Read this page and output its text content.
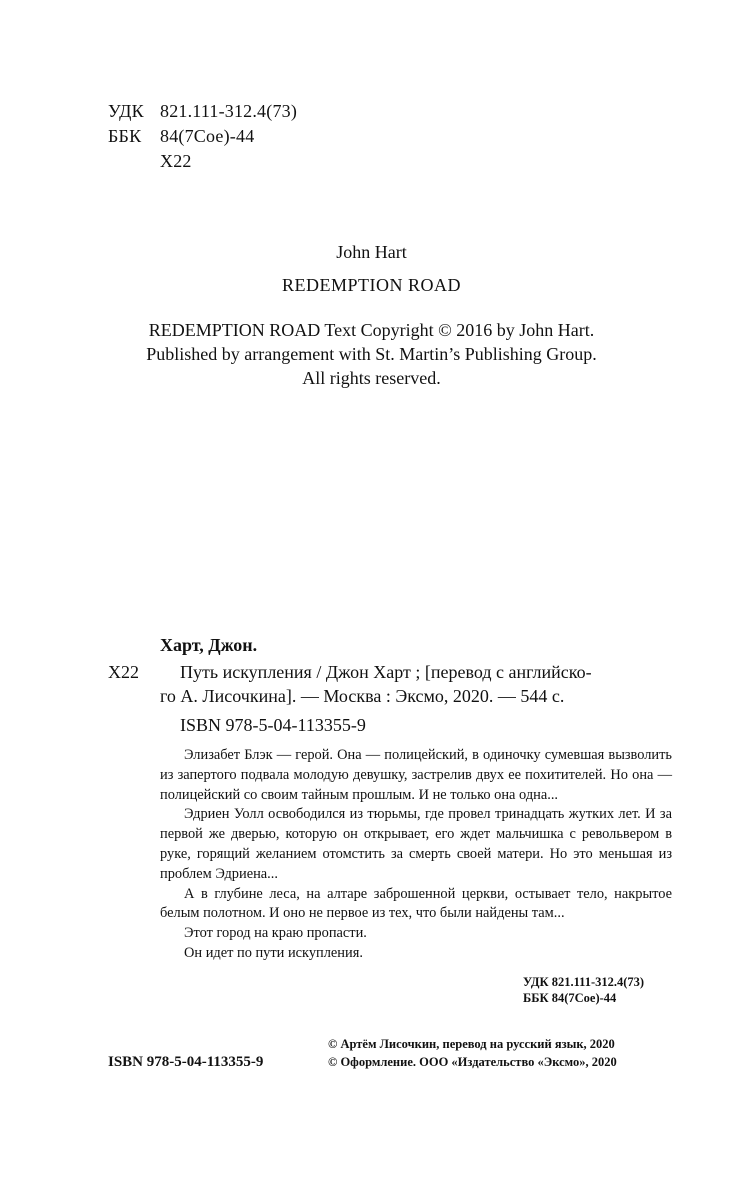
УДК 821.111-312.4(73)
ББК 84(7Сое)-44
Х22
John Hart
REDEMPTION ROAD
REDEMPTION ROAD Text Copyright © 2016 by John Hart.
Published by arrangement with St. Martin’s Publishing Group.
All rights reserved.
Харт, Джон.
Х22 Путь искупления / Джон Харт ; [перевод с английско-
го А. Лисочкина]. — Москва : Эксмо, 2020. — 544 с.
ISBN 978-5-04-113355-9

Элизабет Блэк — герой. Она — полицейский, в одиночку сумевшая вызволить из запертого подвала молодую девушку, застрелив двух ее похитителей. Но она — полицейский со своим тайным прошлым. И не только она одна...

Эдриен Уолл освободился из тюрьмы, где провел тринадцать жутких лет. И за первой же дверью, которую он открывает, его ждет мальчишка с револьвером в руке, горящий желанием отомстить за смерть своей матери. Но это меньшая из проблем Эдриена...

А в глубине леса, на алтаре заброшенной церкви, остывает тело, накрытое белым полотном. И оно не первое из тех, что были найдены там...

Этот город на краю пропасти.

Он идет по пути искупления.

УДК 821.111-312.4(73)
ББК 84(7Сое)-44
ISBN 978-5-04-113355-9
© Артём Лисочкин, перевод на русский язык, 2020
© Оформление. ООО «Издательство «Эксмо», 2020
